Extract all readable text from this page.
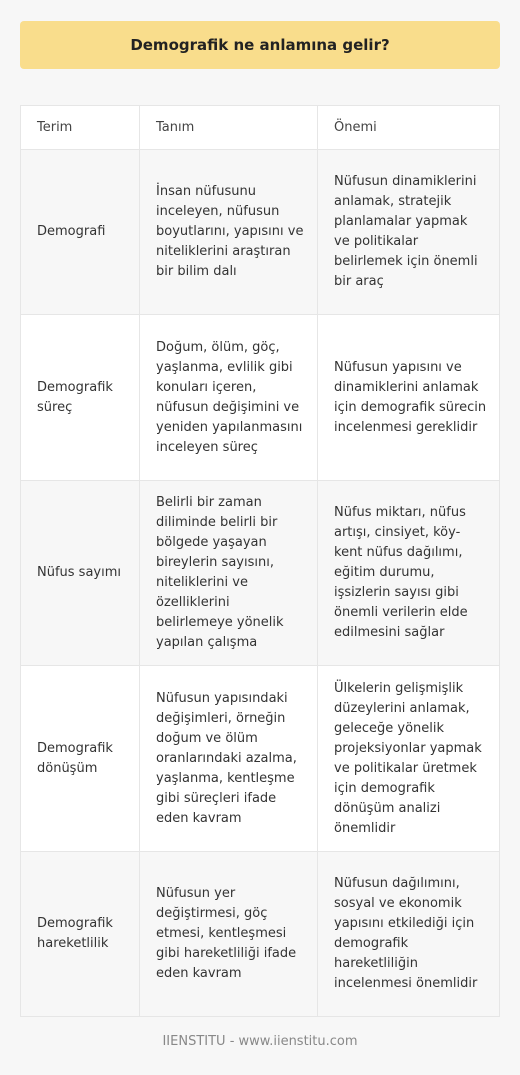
Demografik ne anlamına gelir?
Terim	Tanım	Önemi
Demografi
İnsan nüfusunu inceleyen, nüfusun boyutlarını, yapısını ve niteliklerini araştıran bir bilim dalı
Nüfusun dinamiklerini anlamak, stratejik planlamalar yapmak ve politikalar belirlemek için önemli bir araç
Demografik süreç
Doğum, ölüm, göç, yaşlanma, evlilik gibi konuları içeren, nüfusun değişimini ve yeniden yapılanmasını inceleyen süreç
Nüfusun yapısını ve dinamiklerini anlamak için demografik sürecin incelenmesi gereklidir
Nüfus sayımı
Belirli bir zaman diliminde belirli bir bölgede yaşayan bireylerin sayısını, niteliklerini ve özelliklerini belirlemeye yönelik yapılan çalışma
Nüfus miktarı, nüfus artışı, cinsiyet, köy-kent nüfus dağılımı, eğitim durumu, işsizlerin sayısı gibi önemli verilerin elde edilmesini sağlar
Demografik dönüşüm
Nüfusun yapısındaki değişimleri, örneğin doğum ve ölüm oranlarındaki azalma, yaşlanma, kentleşme gibi süreçleri ifade eden kavram
Ülkelerin gelişmişlik düzeylerini anlamak, geleceğe yönelik projeksiyonlar yapmak ve politikalar üretmek için demografik dönüşüm analizi önemlidir
Demografik hareketlilik
Nüfusun yer değiştirmesi, göç etmesi, kentleşmesi gibi hareketliliği ifade eden kavram
Nüfusun dağılımını, sosyal ve ekonomik yapısını etkilediği için demografik hareketliliğin incelenmesi önemlidir
IIENSTITU - www.iienstitu.com
